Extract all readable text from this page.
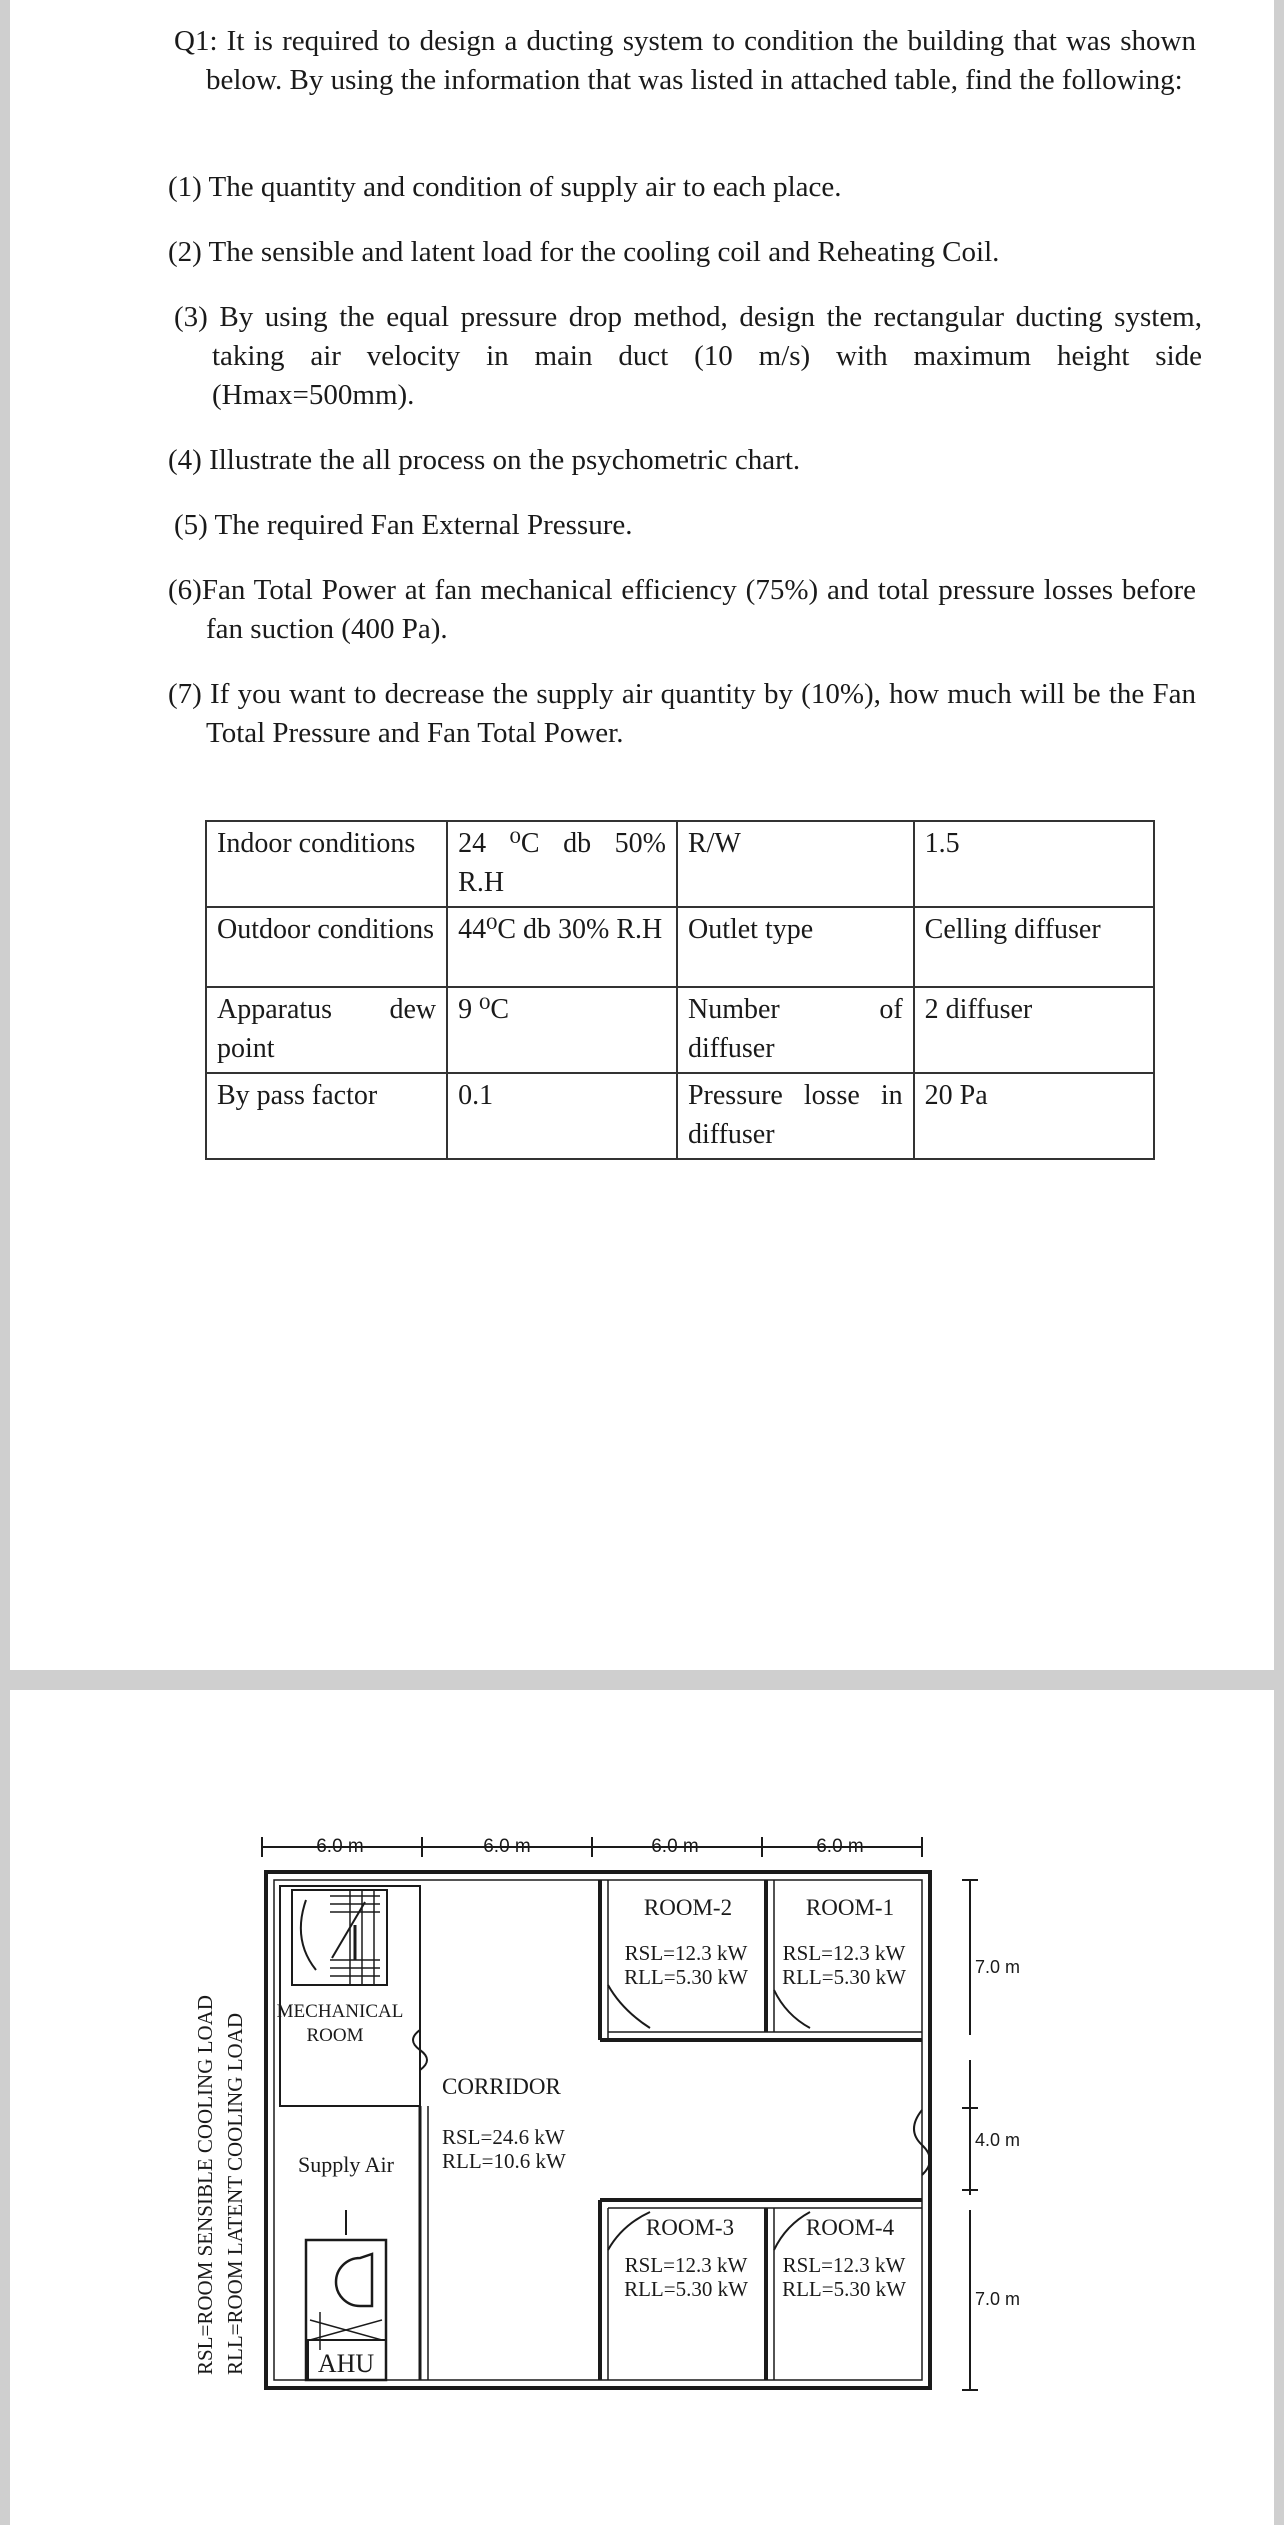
Q1: It is required to design a ducting system to condition the building that was shown below. By using the information that was listed in attached table, find the following:
(1) The quantity and condition of supply air to each place.
(2) The sensible and latent load for the cooling coil and Reheating Coil.
(3) By using the equal pressure drop method, design the rectangular ducting system, taking air velocity in main duct (10 m/s) with maximum height side (Hmax=500mm).
(4) Illustrate the all process on the psychometric chart.
(5) The required Fan External Pressure.
(6)Fan Total Power at fan mechanical efficiency (75%) and total pressure losses before fan suction (400 Pa).
(7) If you want to decrease the supply air quantity by (10%), how much will be the Fan Total Pressure and Fan Total Power.
Indoor conditions	24 ⁰C db 50% R.H	R/W	1.5
Outdoor conditions	44⁰C db 30% R.H	Outlet type	Celling diffuser

Apparatus dew point	9 ⁰C	Number of diffuser	2 diffuser
By pass factor	0.1	Pressure losse in diffuser	20 Pa
6.0 m	6.0 m	6.0 m	6.0 m
7.0 m
4.0 m
7.0 m
RSL=ROOM SENSIBLE COOLING LOAD RLL=ROOM LATENT COOLING LOAD
MECHANICAL
ROOM
Supply Air
AHU
CORRIDOR
RSL=24.6 kW
RLL=10.6 kW
ROOM-2
RSL=12.3 kW
RLL=5.30 kW
ROOM-1
RSL=12.3 kW
RLL=5.30 kW
ROOM-3
RSL=12.3 kW
RLL=5.30 kW
ROOM-4
RSL=12.3 kW
RLL=5.30 kW
